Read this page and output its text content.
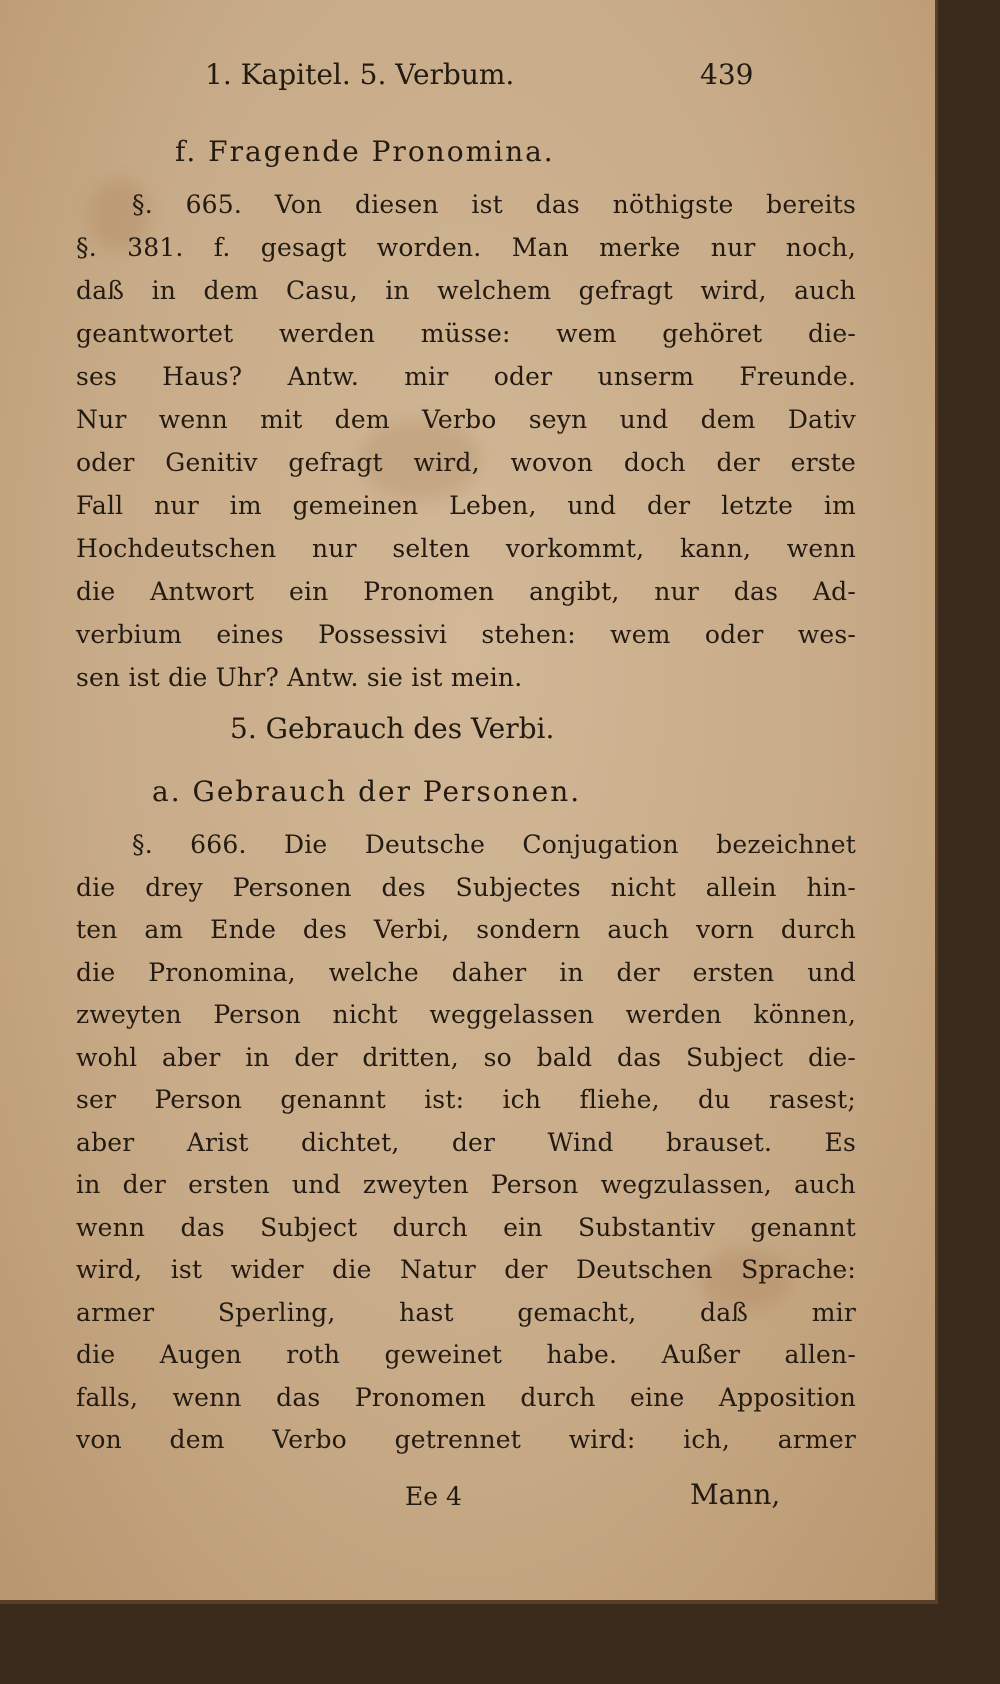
1. Kapitel. 5. Verbum.	439
f. Fragende Pronomina.
§. 665. Von diesen ist das nöthigste bereits
§. 381. f. gesagt worden. Man merke nur noch,
daß in dem Casu, in welchem gefragt wird, auch
geantwortet werden müsse: wem gehöret die-
ses Haus? Antw. mir oder unserm Freunde.
Nur wenn mit dem Verbo seyn und dem Dativ
oder Genitiv gefragt wird, wovon doch der erste
Fall nur im gemeinen Leben, und der letzte im
Hochdeutschen nur selten vorkommt, kann, wenn
die Antwort ein Pronomen angibt, nur das Ad-
verbium eines Possessivi stehen: wem oder wes-
sen ist die Uhr? Antw. sie ist mein.
5. Gebrauch des Verbi.
a. Gebrauch der Personen.
§. 666. Die Deutsche Conjugation bezeichnet
die drey Personen des Subjectes nicht allein hin-
ten am Ende des Verbi, sondern auch vorn durch
die Pronomina, welche daher in der ersten und
zweyten Person nicht weggelassen werden können,
wohl aber in der dritten, so bald das Subject die-
ser Person genannt ist: ich fliehe, du rasest;
aber Arist dichtet, der Wind brauset. Es
in der ersten und zweyten Person wegzulassen, auch
wenn das Subject durch ein Substantiv genannt
wird, ist wider die Natur der Deutschen Sprache:
armer Sperling, hast gemacht, daß mir
die Augen roth geweinet habe. Außer allen-
falls, wenn das Pronomen durch eine Apposition
von dem Verbo getrennet wird: ich, armer
Ee 4	Mann,
